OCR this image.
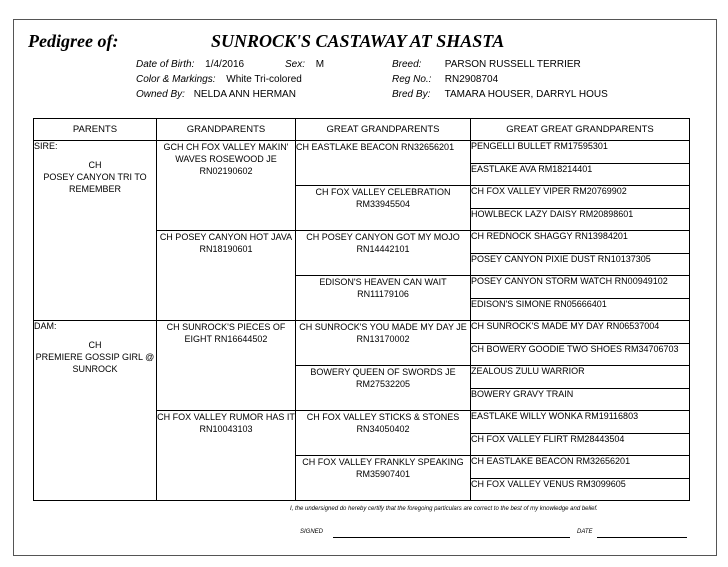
Pedigree of:	SUNROCK'S CASTAWAY AT SHASTA
Date of Birth: 1/4/2016	Sex: M
Color & Markings: White Tri-colored
Owned By: NELDA ANN HERMAN
Breed: PARSON RUSSELL TERRIER
Reg No.: RN2908704
Bred By: TAMARA HOUSER, DARRYL HOUS
PARENTS	GRANDPARENTS	GREAT GRANDPARENTS	GREAT GREAT GRANDPARENTS

SIRE:
CH
POSEY CANYON TRI TO REMEMBER	GCH CH FOX VALLEY MAKIN' WAVES ROSEWOOD JE RN02190602	CH EASTLAKE BEACON RN32656201	PENGELLI BULLET RM17595301
			EASTLAKE AVA RM18214401
		CH FOX VALLEY CELEBRATION RM33945504	CH FOX VALLEY VIPER RM20769902
			HOWLBECK LAZY DAISY RM20898601
	CH POSEY CANYON HOT JAVA RN18190601	CH POSEY CANYON GOT MY MOJO RN14442101	CH REDNOCK SHAGGY RN13984201
			POSEY CANYON PIXIE DUST RN10137305
		EDISON'S HEAVEN CAN WAIT RN11179106	POSEY CANYON STORM WATCH RN00949102
			EDISON'S SIMONE RN05666401

DAM:
CH
PREMIERE GOSSIP GIRL @ SUNROCK	CH SUNROCK'S PIECES OF EIGHT RN16644502	CH SUNROCK'S YOU MADE MY DAY JE RN13170002	CH SUNROCK'S MADE MY DAY RN06537004
			CH BOWERY GOODIE TWO SHOES RM34706703
		BOWERY QUEEN OF SWORDS JE RM27532205	ZEALOUS ZULU WARRIOR
			BOWERY GRAVY TRAIN
	CH FOX VALLEY RUMOR HAS IT RN10043103	CH FOX VALLEY STICKS & STONES RN34050402	EASTLAKE WILLY WONKA RM19116803
			CH FOX VALLEY FLIRT RM28443504
		CH FOX VALLEY FRANKLY SPEAKING RM35907401	CH EASTLAKE BEACON RM32656201
			CH FOX VALLEY VENUS RM3099605
I, the undersigned do hereby certify that the foregoing particulars are correct to the best of my knowledge and belief.
SIGNED	DATE
